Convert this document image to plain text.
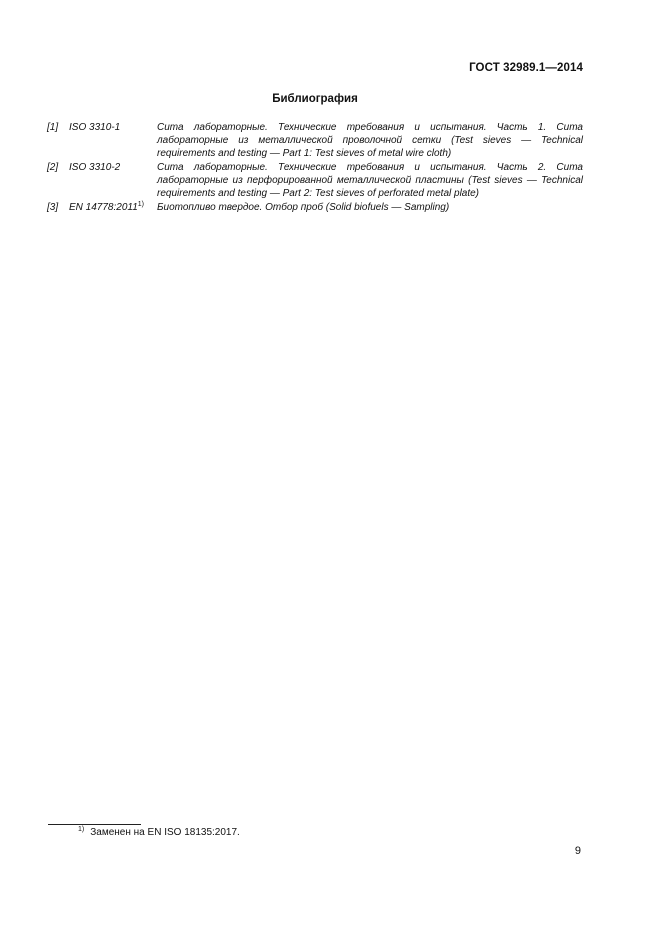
ГОСТ 32989.1—2014
Библиография
[1]	ISO 3310-1	Сита лабораторные. Технические требования и испытания. Часть 1. Сита лабораторные из металлической проволочной сетки (Test sieves — Technical requirements and testing — Part 1: Test sieves of metal wire cloth)
[2]	ISO 3310-2	Сита лабораторные. Технические требования и испытания. Часть 2. Сита лабораторные из перфорированной металлической пластины (Test sieves — Technical requirements and testing — Part 2: Test sieves of perforated metal plate)
[3]	EN 14778:2011$^{1)}$	Биотопливо твердое. Отбор проб (Solid biofuels — Sampling)
$^{1)}$ Заменен на EN ISO 18135:2017.
9
